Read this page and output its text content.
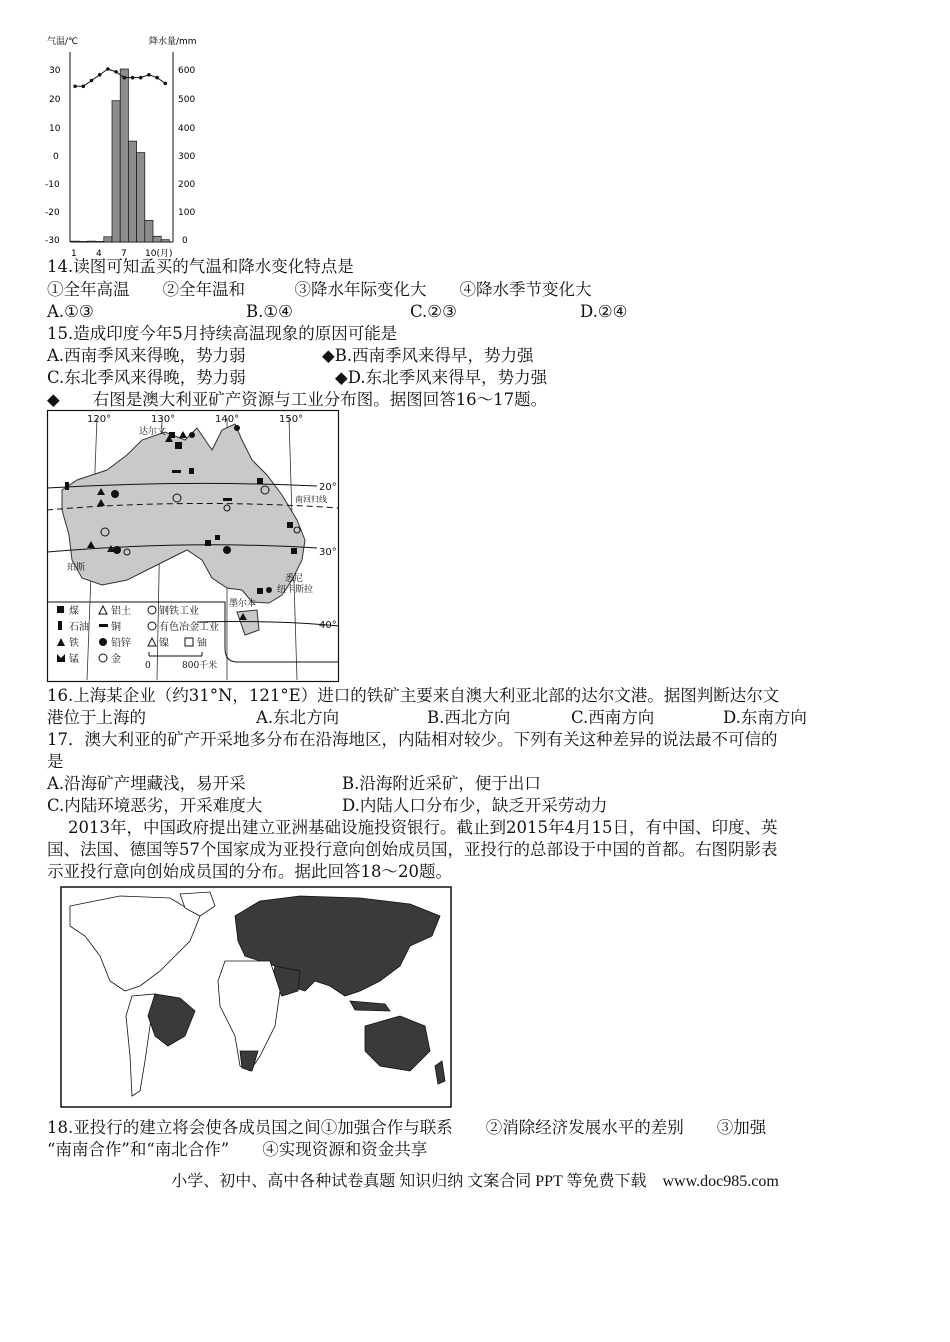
气温/℃	降水量/mm
30
20
10
0
-10
-20
-30
600
500
400
300
200
100
0
1 4 7 10(月)
14.读图可知孟买的气温和降水变化特点是
①全年高温　　②全年温和　　　③降水年际变化大　　④降水季节变化大
A.①③	B.①④	C.②③	D.②④
15.造成印度今年5月持续高温现象的原因可能是
A.西南季风来得晚，势力弱	◆B.西南季风来得早，势力强
C.东北季风来得晚，势力弱	◆D.东北季风来得早，势力强
◆　　右图是澳大利亚矿产资源与工业分布图。据图回答16～17题。
120°	130°	140°	150°
20°
30°
40°
南回归线
达尔文
珀斯
墨尔本
悉尼
纽卡斯拉
煤	铝土	钢铁工业
石油 铜	有色冶金工业
铁	铅锌	镍	铀
锰	金
0	800千米
16.上海某企业（约31°N，121°E）进口的铁矿主要来自澳大利亚北部的达尔文港。据图判断达尔文
港位于上海的	A.东北方向	B.西北方向	C.西南方向	D.东南方向
17．澳大利亚的矿产开采地多分布在沿海地区，内陆相对较少。下列有关这种差异的说法最不可信的
是
A.沿海矿产埋藏浅，易开采	B.沿海附近采矿，便于出口
C.内陆环境恶劣，开采难度大	D.内陆人口分布少，缺乏开采劳动力
2013年，中国政府提出建立亚洲基础设施投资银行。截止到2015年4月15日，有中国、印度、英
国、法国、德国等57个国家成为亚投行意向创始成员国，亚投行的总部设于中国的首都。右图阴影表
示亚投行意向创始成员国的分布。据此回答18～20题。
18.亚投行的建立将会使各成员国之间①加强合作与联系　　②消除经济发展水平的差别　　③加强
“南南合作”和“南北合作”　　④实现资源和资金共享
小学、初中、高中各种试卷真题 知识归纳 文案合同 PPT 等免费下载　www.doc985.com
